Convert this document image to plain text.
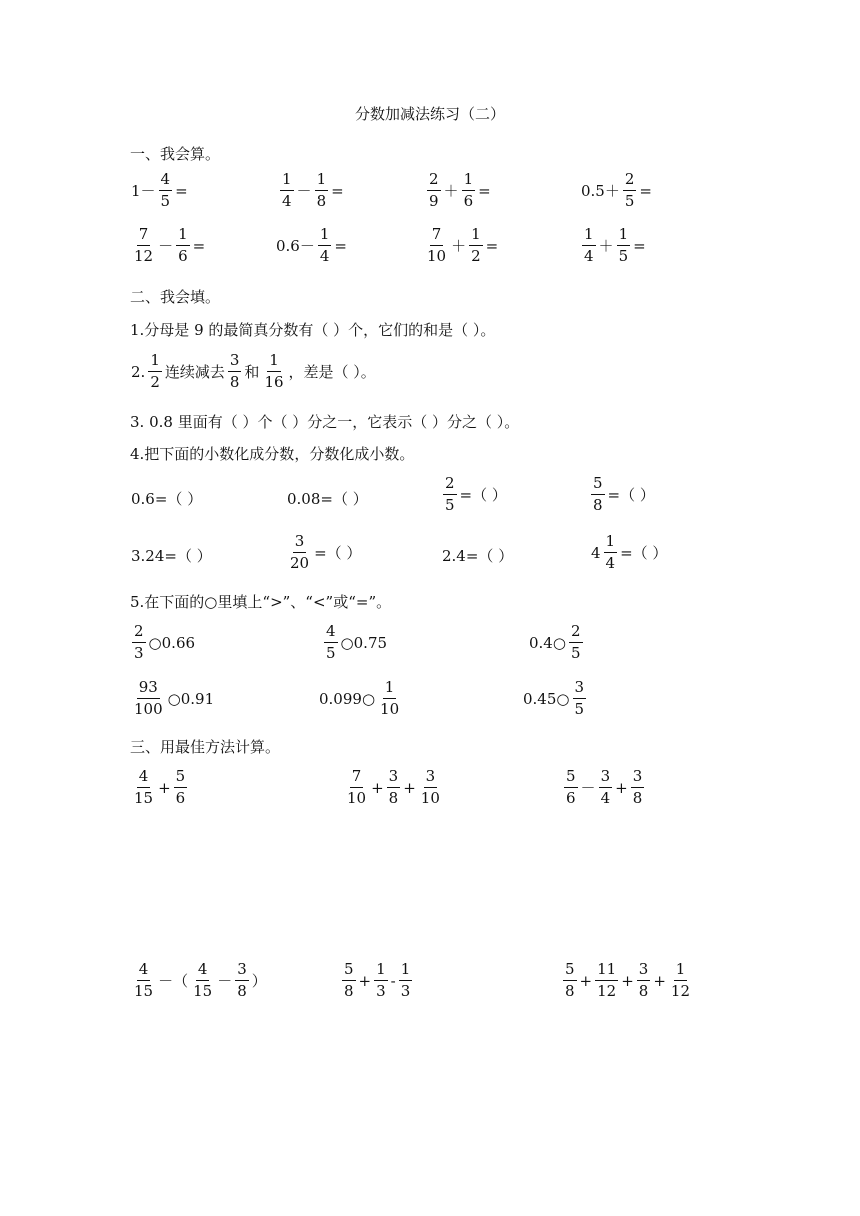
分数加减法练习（二）
一、我会算。
$1- \frac{4}{5}$ =	$\frac{1}{4} - \frac{1}{8}$ =	$\frac{2}{9} + \frac{1}{6}$ =	$0.5+ \frac{2}{5}$ =
$\frac{7}{12} - \frac{1}{6}$ =	$0.6- \frac{1}{4}$ =	$\frac{7}{10} + \frac{1}{2}$ =	$\frac{1}{4} + \frac{1}{5}$ =
二、我会填。
1.分母是 9 的最简真分数有（ ）个，它们的和是（ ）。
2. $\frac{1}{2}$ 连续减去 $\frac{3}{8}$ 和 $\frac{1}{16}$ ，差是（ ）。
3. 0.8 里面有（ ）个（ ）分之一，它表示（ ）分之（ ）。
4.把下面的小数化成分数，分数化成小数。
0.6=（ ）	0.08=（ ）	$\frac{2}{5}$ =（ ）	$\frac{5}{8}$ =（ ）
3.24=（ ）	$\frac{3}{20}$ =（ ）	2.4=（ ）	$4 \frac{1}{4}$ =（ ）
5.在下面的○里填上“>”、“<”或“=”。
$\frac{2}{3}$ ○0.66	$\frac{4}{5}$ ○0.75	0.4○ $\frac{2}{5}$
$\frac{93}{100}$ ○0.91	0.099○ $\frac{1}{10}$	0.45○ $\frac{3}{5}$
三、用最佳方法计算。
$\frac{4}{15} + \frac{5}{6}$	$\frac{7}{10} + \frac{3}{8} + \frac{3}{10}$	$\frac{5}{6} - \frac{3}{4} + \frac{3}{8}$
$\frac{4}{15}$ －（ $\frac{4}{15} - \frac{3}{8}$ ）	$\frac{5}{8} + \frac{1}{3} - \frac{1}{3}$	$\frac{5}{8} + \frac{11}{12} + \frac{3}{8} + \frac{1}{12}$
